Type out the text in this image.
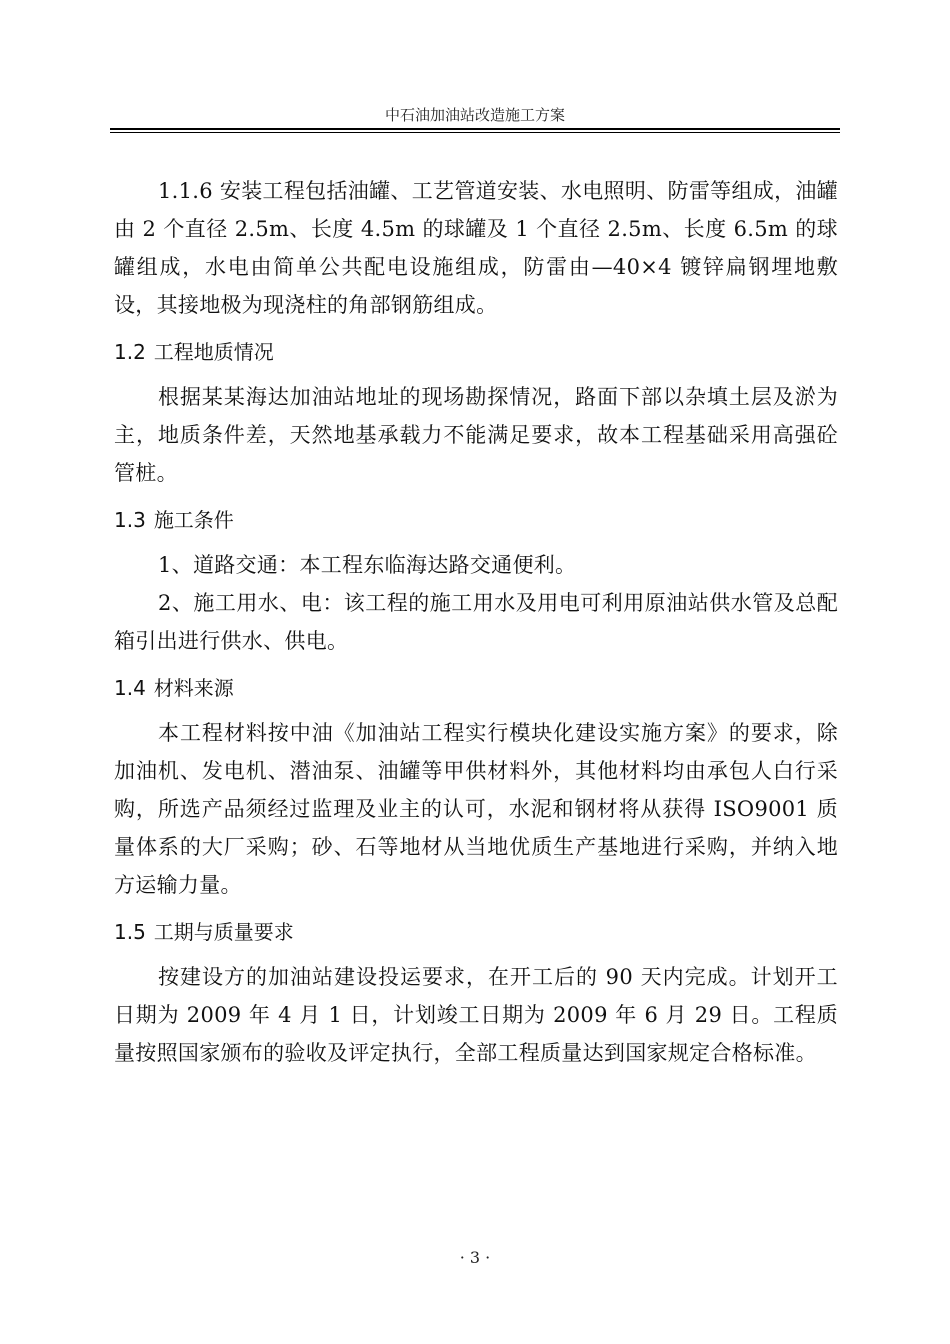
中石油加油站改造施工方案

1.1.6 安装工程包括油罐、工艺管道安装、水电照明、防雷等组成，油罐由 2 个直径 2.5m、长度 4.5m 的球罐及 1 个直径 2.5m、长度 6.5m 的球罐组成，水电由简单公共配电设施组成，防雷由—40×4 镀锌扁钢埋地敷设，其接地极为现浇柱的角部钢筋组成。

1.2 工程地质情况

根据某某海达加油站地址的现场勘探情况，路面下部以杂填土层及淤为主，地质条件差，天然地基承载力不能满足要求，故本工程基础采用高强砼管桩。

1.3 施工条件

1、道路交通：本工程东临海达路交通便利。

2、施工用水、电：该工程的施工用水及用电可利用原油站供水管及总配箱引出进行供水、供电。

1.4 材料来源

本工程材料按中油《加油站工程实行模块化建设实施方案》的要求，除加油机、发电机、潜油泵、油罐等甲供材料外，其他材料均由承包人白行采购，所选产品须经过监理及业主的认可，水泥和钢材将从获得 ISO9001 质量体系的大厂采购；砂、石等地材从当地优质生产基地进行采购，并纳入地方运输力量。

1.5 工期与质量要求

按建设方的加油站建设投运要求，在开工后的 90 天内完成。计划开工日期为 2009 年 4 月 1 日，计划竣工日期为 2009 年 6 月 29 日。工程质量按照国家颁布的验收及评定执行，全部工程质量达到国家规定合格标准。

· 3 ·
